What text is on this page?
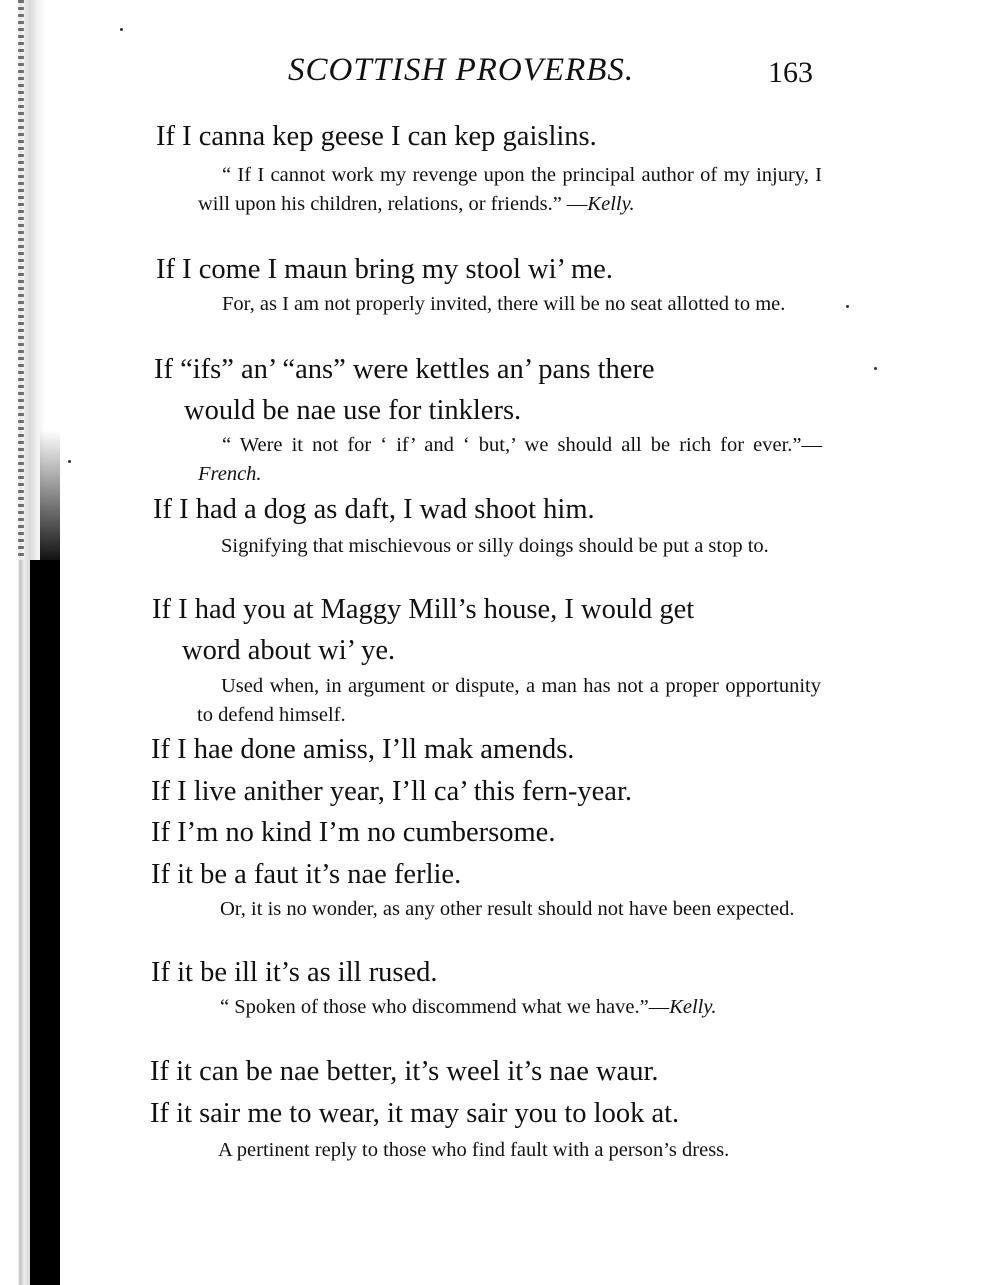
SCOTTISH PROVERBS.	163
If I canna kep geese I can kep gaislins.
“ If I cannot work my revenge upon the principal author of my injury, I will upon his children, relations, or friends.” —Kelly.
If I come I maun bring my stool wi’ me.
For, as I am not properly invited, there will be no seat allotted to me.
If “ifs” an’ “ans” were kettles an’ pans there
would be nae use for tinklers.
“ Were it not for ‘ if’ and ‘ but,’ we should all be rich for ever.”—French.
If I had a dog as daft, I wad shoot him.
Signifying that mischievous or silly doings should be put a stop to.
If I had you at Maggy Mill’s house, I would get
word about wi’ ye.
Used when, in argument or dispute, a man has not a proper opportunity to defend himself.
If I hae done amiss, I’ll mak amends.
If I live anither year, I’ll ca’ this fern-year.
If I’m no kind I’m no cumbersome.
If it be a faut it’s nae ferlie.
Or, it is no wonder, as any other result should not have been expected.
If it be ill it’s as ill rused.
“ Spoken of those who discommend what we have.”—Kelly.
If it can be nae better, it’s weel it’s nae waur.
If it sair me to wear, it may sair you to look at.
A pertinent reply to those who find fault with a person’s dress.
